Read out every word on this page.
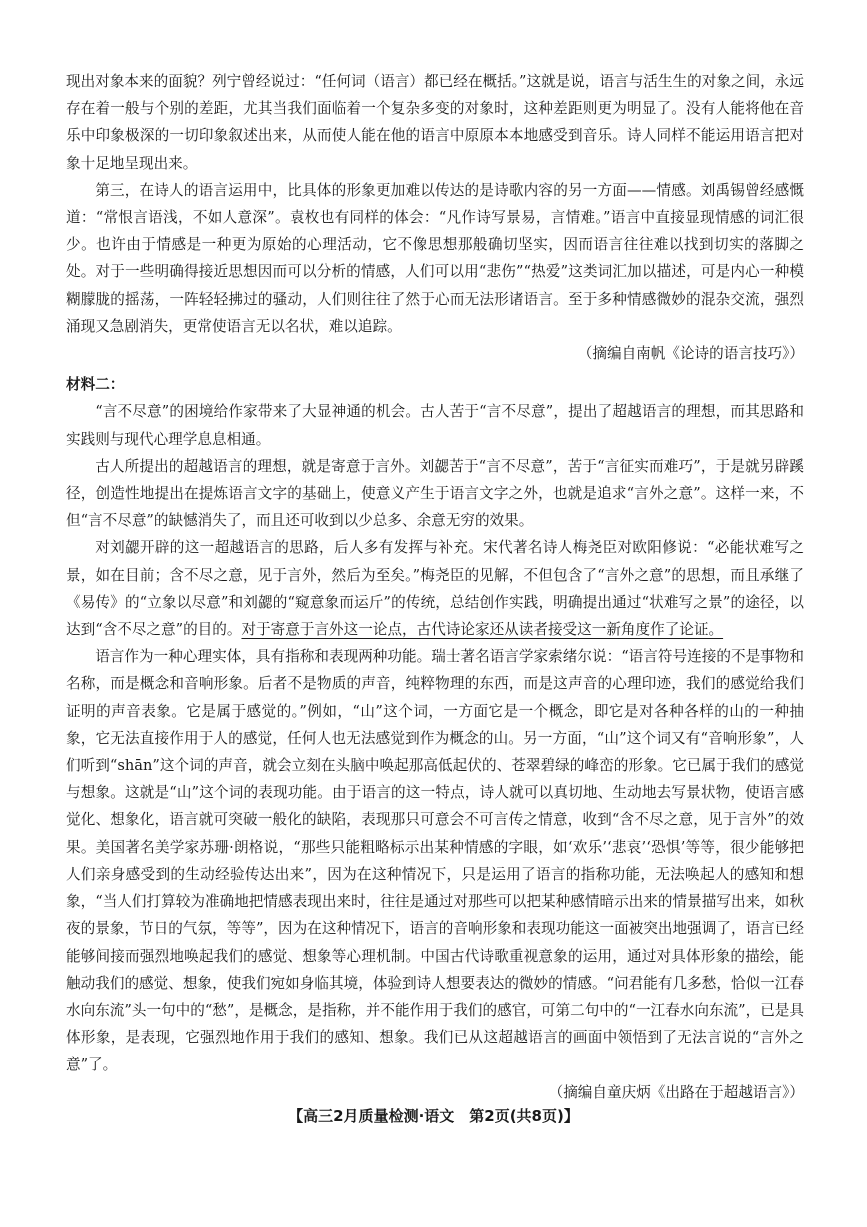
现出对象本来的面貌？列宁曾经说过：“任何词（语言）都已经在概括。”这就是说，语言与活生生的对象之间，永远存在着一般与个别的差距，尤其当我们面临着一个复杂多变的对象时，这种差距则更为明显了。没有人能将他在音乐中印象极深的一切印象叙述出来，从而使人能在他的语言中原原本本地感受到音乐。诗人同样不能运用语言把对象十足地呈现出来。

第三，在诗人的语言运用中，比具体的形象更加难以传达的是诗歌内容的另一方面——情感。刘禹锡曾经感慨道：“常恨言语浅，不如人意深”。袁枚也有同样的体会：“凡作诗写景易，言情难。”语言中直接显现情感的词汇很少。也许由于情感是一种更为原始的心理活动，它不像思想那般确切坚实，因而语言往往难以找到切实的落脚之处。对于一些明确得接近思想因而可以分析的情感，人们可以用“悲伤”“热爱”这类词汇加以描述，可是内心一种模糊朦胧的摇荡，一阵轻轻拂过的骚动，人们则往往了然于心而无法形诸语言。至于多种情感微妙的混杂交流，强烈涌现又急剧消失，更常使语言无以名状，难以追踪。

（摘编自南帆《论诗的语言技巧》）

材料二：

“言不尽意”的困境给作家带来了大显神通的机会。古人苦于“言不尽意”，提出了超越语言的理想，而其思路和实践则与现代心理学息息相通。

古人所提出的超越语言的理想，就是寄意于言外。刘勰苦于“言不尽意”，苦于“言征实而难巧”，于是就另辟蹊径，创造性地提出在提炼语言文字的基础上，使意义产生于语言文字之外，也就是追求“言外之意”。这样一来，不但“言不尽意”的缺憾消失了，而且还可收到以少总多、余意无穷的效果。

对刘勰开辟的这一超越语言的思路，后人多有发挥与补充。宋代著名诗人梅尧臣对欧阳修说：“必能状难写之景，如在目前；含不尽之意，见于言外，然后为至矣。”梅尧臣的见解，不但包含了“言外之意”的思想，而且承继了《易传》的“立象以尽意”和刘勰的“窥意象而运斤”的传统，总结创作实践，明确提出通过“状难写之景”的途径，以达到“含不尽之意”的目的。对于寄意于言外这一论点，古代诗论家还从读者接受这一新角度作了论证。

语言作为一种心理实体，具有指称和表现两种功能。瑞士著名语言学家索绪尔说：“语言符号连接的不是事物和名称，而是概念和音响形象。后者不是物质的声音，纯粹物理的东西，而是这声音的心理印迹，我们的感觉给我们证明的声音表象。它是属于感觉的。”例如，“山”这个词，一方面它是一个概念，即它是对各种各样的山的一种抽象，它无法直接作用于人的感觉，任何人也无法感觉到作为概念的山。另一方面，“山”这个词又有“音响形象”，人们听到“shān”这个词的声音，就会立刻在头脑中唤起那高低起伏的、苍翠碧绿的峰峦的形象。它已属于我们的感觉与想象。这就是“山”这个词的表现功能。由于语言的这一特点，诗人就可以真切地、生动地去写景状物，使语言感觉化、想象化，语言就可突破一般化的缺陷，表现那只可意会不可言传之情意，收到“含不尽之意，见于言外”的效果。美国著名美学家苏珊·朗格说，“那些只能粗略标示出某种情感的字眼，如‘欢乐’‘悲哀’‘恐惧’等等，很少能够把人们亲身感受到的生动经验传达出来”，因为在这种情况下，只是运用了语言的指称功能，无法唤起人的感知和想象，“当人们打算较为准确地把情感表现出来时，往往是通过对那些可以把某种感情暗示出来的情景描写出来，如秋夜的景象，节日的气氛，等等”，因为在这种情况下，语言的音响形象和表现功能这一面被突出地强调了，语言已经能够间接而强烈地唤起我们的感觉、想象等心理机制。中国古代诗歌重视意象的运用，通过对具体形象的描绘，能触动我们的感觉、想象，使我们宛如身临其境，体验到诗人想要表达的微妙的情感。“问君能有几多愁，恰似一江春水向东流”头一句中的“愁”，是概念，是指称，并不能作用于我们的感官，可第二句中的“一江春水向东流”，已是具体形象，是表现，它强烈地作用于我们的感知、想象。我们已从这超越语言的画面中领悟到了无法言说的“言外之意”了。

（摘编自童庆炳《出路在于超越语言》）

【高三2月质量检测·语文　第2页(共8页)】
